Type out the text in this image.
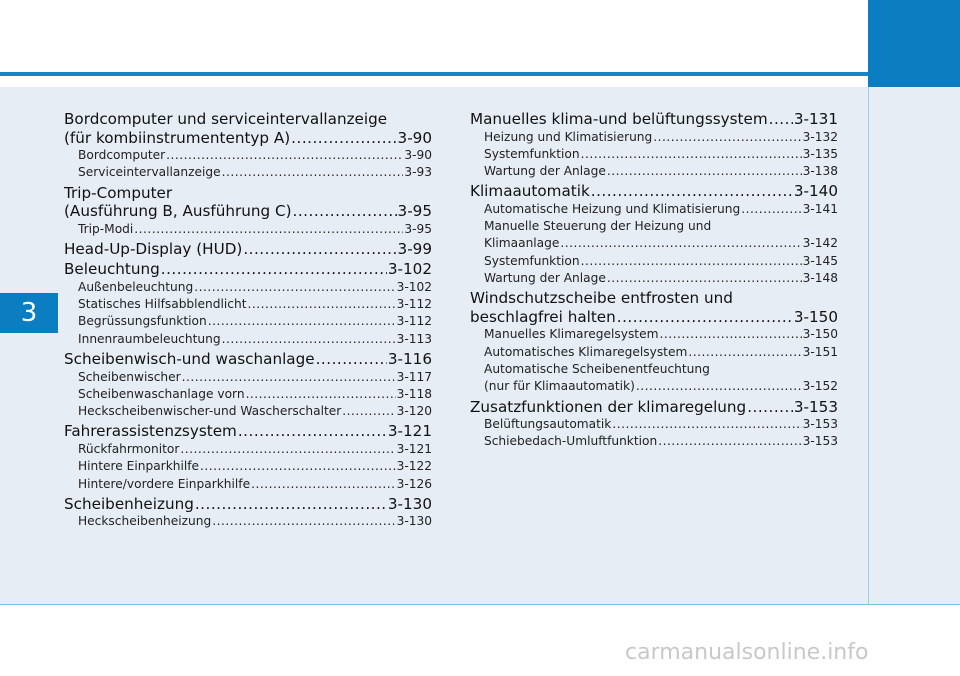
3
Bordcomputer und serviceintervallanzeige
(für kombiinstrumententyp A) .....	3-90
Bordcomputer .....	3-90
Serviceintervallanzeige .....	3-93
Trip-Computer
(Ausführung B, Ausführung C) .....	3-95
Trip-Modi .....	3-95
Head-Up-Display (HUD) .....	3-99
Beleuchtung .....	3-102
Außenbeleuchtung .....	3-102
Statisches Hilfsabblendlicht .....	3-112
Begrüssungsfunktion .....	3-112
Innenraumbeleuchtung .....	3-113
Scheibenwisch-und waschanlage .....	3-116
Scheibenwischer .....	3-117
Scheibenwaschanlage vorn .....	3-118
Heckscheibenwischer-und Wascherschalter .....	3-120
Fahrerassistenzsystem .....	3-121
Rückfahrmonitor .....	3-121
Hintere Einparkhilfe .....	3-122
Hintere/vordere Einparkhilfe .....	3-126
Scheibenheizung .....	3-130
Heckscheibenheizung .....	3-130
Manuelles klima-und belüftungssystem ..... 3-131
Heizung und Klimatisierung .....	3-132
Systemfunktion .....	3-135
Wartung der Anlage .....	3-138
Klimaautomatik .....	3-140
Automatische Heizung und Klimatisierung .....	3-141
Manuelle Steuerung der Heizung und
Klimaanlage .....	3-142
Systemfunktion .....	3-145
Wartung der Anlage .....	3-148
Windschutzscheibe entfrosten und
beschlagfrei halten .....	3-150
Manuelles Klimaregelsystem .....	3-150
Automatisches Klimaregelsystem .....	3-151
Automatische Scheibenentfeuchtung
(nur für Klimaautomatik) .....	3-152
Zusatzfunktionen der klimaregelung .....	3-153
Belüftungsautomatik .....	3-153
Schiebedach-Umluftfunktion .....	3-153
carmanualsonline.info
